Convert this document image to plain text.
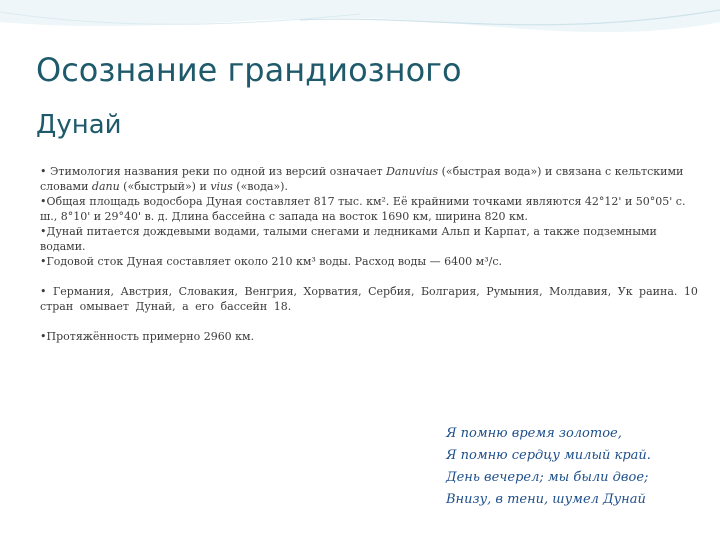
Осознание грандиозного
Дунай

• Этимология названия реки по одной из версий означает Danuvius («быстрая вода») и связана с кельтскими словами danu («быстрый») и vius («вода»).

•Общая площадь водосбора Дуная составляет 817 тыс. км². Её крайними точками являются 42°12' и 50°05' с. ш., 8°10' и 29°40' в. д. Длина бассейна с запада на восток 1690 км, ширина 820 км.

•Дунай питается дождевыми водами, талыми снегами и ледниками Альп и Карпат, а также подземными водами.

•Годовой сток Дуная составляет около 210 км³ воды. Расход воды — 6400 м³/с.

• Германия, Австрия, Словакия, Венгрия, Хорватия, Сербия, Болгария, Румыния, Молдавия, Ук раина. 10 стран омывает Дунай, а его бассейн 18.

•Протяжённость примерно 2960 км.

Я помню время золотое,
Я помню сердцу милый край.
День вечерел; мы были двое;
Внизу, в тени, шумел Дунай
